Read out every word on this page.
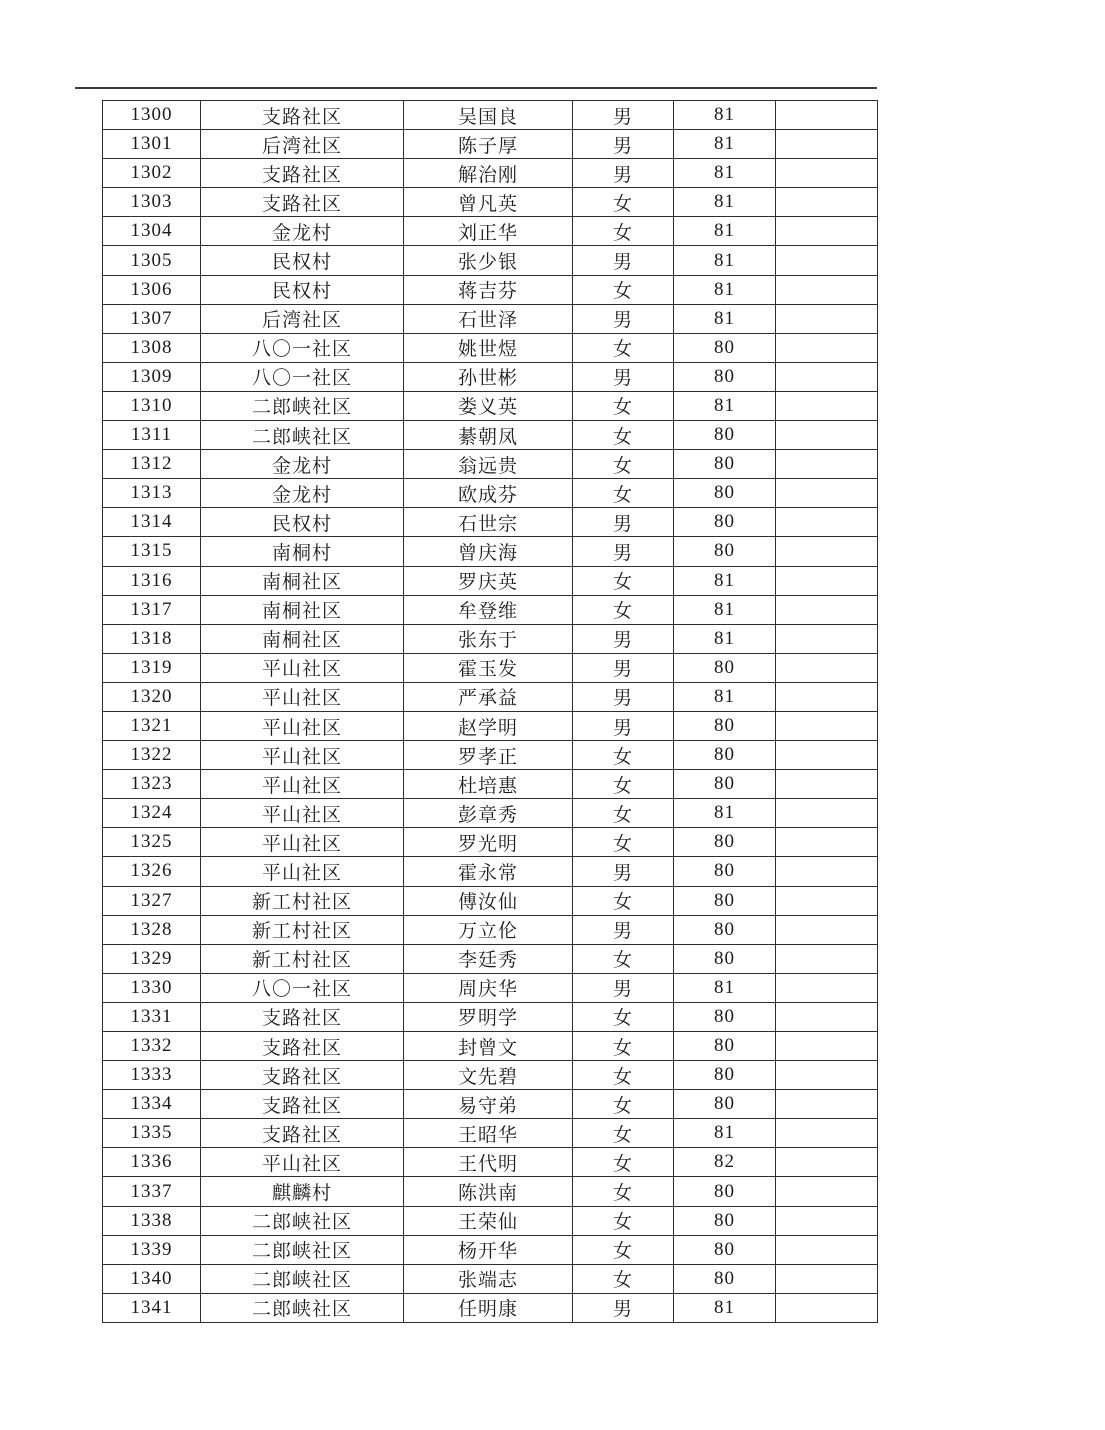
1300	支路社区	吴国良	男	81	
1301	后湾社区	陈子厚	男	81	
1302	支路社区	解治刚	男	81	
1303	支路社区	曾凡英	女	81	
1304	金龙村	刘正华	女	81	
1305	民权村	张少银	男	81	
1306	民权村	蒋吉芬	女	81	
1307	后湾社区	石世泽	男	81	
1308	八〇一社区	姚世煜	女	80	
1309	八〇一社区	孙世彬	男	80	
1310	二郎峡社区	娄义英	女	81	
1311	二郎峡社区	綦朝凤	女	80	
1312	金龙村	翁远贵	女	80	
1313	金龙村	欧成芬	女	80	
1314	民权村	石世宗	男	80	
1315	南桐村	曾庆海	男	80	
1316	南桐社区	罗庆英	女	81	
1317	南桐社区	牟登维	女	81	
1318	南桐社区	张东于	男	81	
1319	平山社区	霍玉发	男	80	
1320	平山社区	严承益	男	81	
1321	平山社区	赵学明	男	80	
1322	平山社区	罗孝正	女	80	
1323	平山社区	杜培惠	女	80	
1324	平山社区	彭章秀	女	81	
1325	平山社区	罗光明	女	80	
1326	平山社区	霍永常	男	80	
1327	新工村社区	傅汝仙	女	80	
1328	新工村社区	万立伦	男	80	
1329	新工村社区	李廷秀	女	80	
1330	八〇一社区	周庆华	男	81	
1331	支路社区	罗明学	女	80	
1332	支路社区	封曾文	女	80	
1333	支路社区	文先碧	女	80	
1334	支路社区	易守弟	女	80	
1335	支路社区	王昭华	女	81	
1336	平山社区	王代明	女	82	
1337	麒麟村	陈洪南	女	80	
1338	二郎峡社区	王荣仙	女	80	
1339	二郎峡社区	杨开华	女	80	
1340	二郎峡社区	张端志	女	80	
1341	二郎峡社区	任明康	男	81	
